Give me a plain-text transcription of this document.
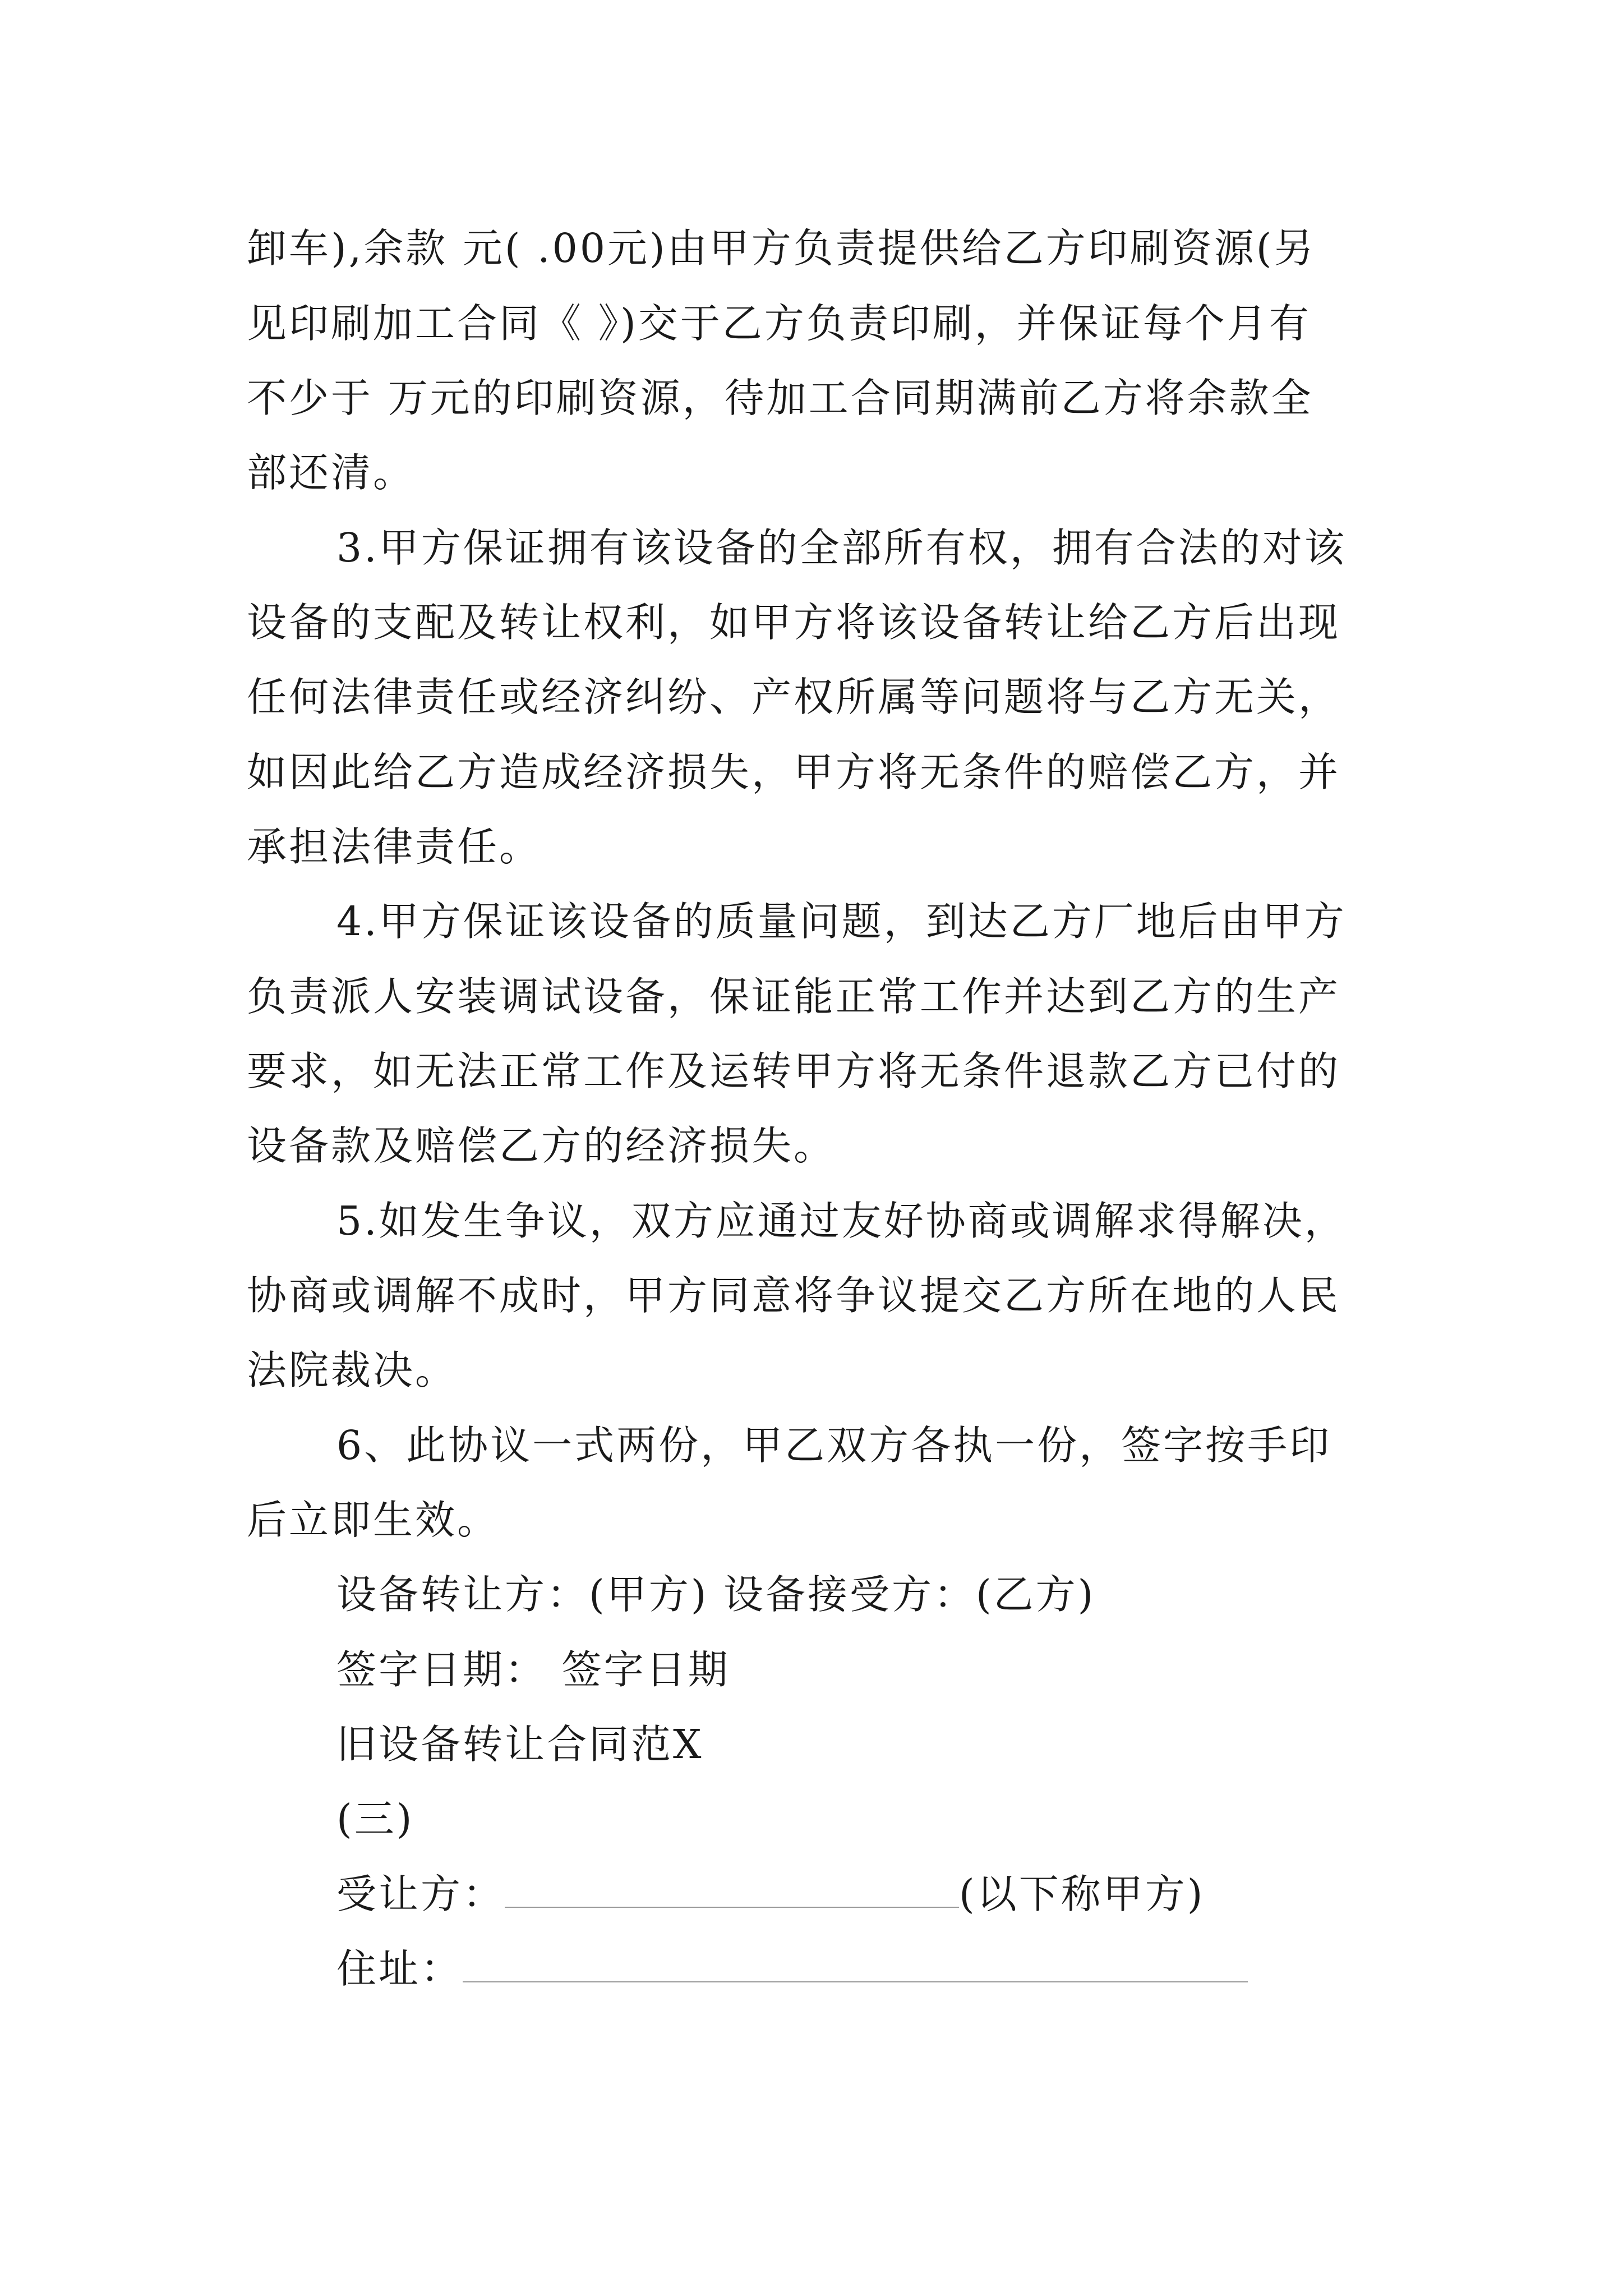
卸车),余款 元( .00元)由甲方负责提供给乙方印刷资源(另
见印刷加工合同《 》)交于乙方负责印刷，并保证每个月有
不少于 万元的印刷资源，待加工合同期满前乙方将余款全
部还清。
3.甲方保证拥有该设备的全部所有权，拥有合法的对该
设备的支配及转让权利，如甲方将该设备转让给乙方后出现
任何法律责任或经济纠纷、产权所属等问题将与乙方无关，
如因此给乙方造成经济损失，甲方将无条件的赔偿乙方，并
承担法律责任。
4.甲方保证该设备的质量问题，到达乙方厂地后由甲方
负责派人安装调试设备，保证能正常工作并达到乙方的生产
要求，如无法正常工作及运转甲方将无条件退款乙方已付的
设备款及赔偿乙方的经济损失。
5.如发生争议，双方应通过友好协商或调解求得解决，
协商或调解不成时，甲方同意将争议提交乙方所在地的人民
法院裁决。
6、此协议一式两份，甲乙双方各执一份，签字按手印
后立即生效。
设备转让方：(甲方) 设备接受方：(乙方)
签字日期： 签字日期
旧设备转让合同范X
(三)
受让方：	(以下称甲方)
住址：
